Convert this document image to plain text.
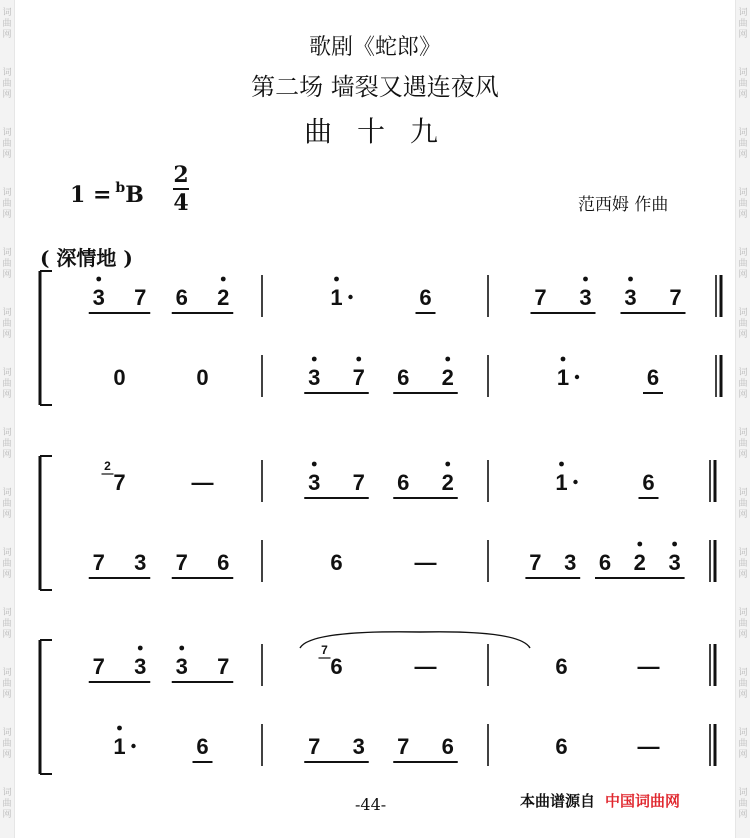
词
曲
网
词
曲
网
词
曲
网
词
曲
网
词
曲
网
词
曲
网
词
曲
网
词
曲
网
词
曲
网
词
曲
网
词
曲
网
词
曲
网
词
曲
网
词
曲
网
词
曲
网
词
曲
网
词
曲
网
词
曲
网
词
曲
网
词
曲
网
词
曲
网
词
曲
网
词
曲
网
词
曲
网
词
曲
网
词
曲
网
词
曲
网
词
曲
网
歌剧《蛇郎》
第二场 墙裂又遇连夜风
曲 十 九
1 = $^b$B
2
4	范西姆 作曲
( 深情地 )
3 7 6 2	1	6	7 3 3 7
0	0	3 7 6 2	1	6
7
2
—	3 7 6 2	1	6
7 3 7 6	6	—	7 3 6 2 3
7 3 3 7	6
7
—	6	—
1	6	7 3 7 6	6	—
-44-	本曲谱源自 中国词曲网
